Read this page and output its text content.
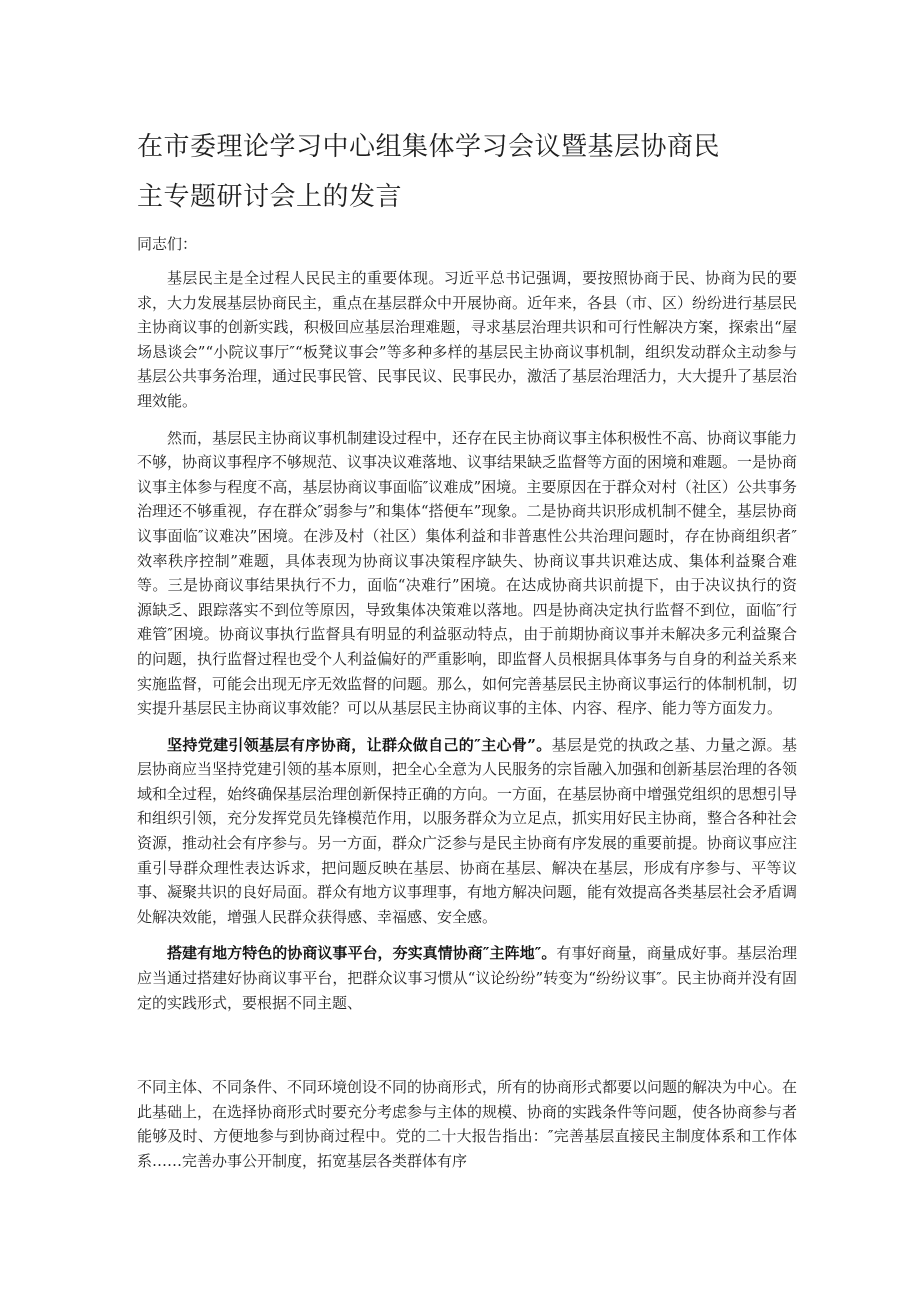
在市委理论学习中心组集体学习会议暨基层协商民
主专题研讨会上的发言

同志们：

基层民主是全过程人民民主的重要体现。习近平总书记强调，要按照协商于民、协商为民的要求，大力发展基层协商民主，重点在基层群众中开展协商。近年来，各县（市、区）纷纷进行基层民主协商议事的创新实践，积极回应基层治理难题，寻求基层治理共识和可行性解决方案，探索出“屋场恳谈会”“小院议事厅″“板凳议事会”等多种多样的基层民主协商议事机制，组织发动群众主动参与基层公共事务治理，通过民事民管、民事民议、民事民办，激活了基层治理活力，大大提升了基层治理效能。

然而，基层民主协商议事机制建设过程中，还存在民主协商议事主体积极性不高、协商议事能力不够，协商议事程序不够规范、议事决议难落地、议事结果缺乏监督等方面的困境和难题。一是协商议事主体参与程度不高，基层协商议事面临″议难成”困境。主要原因在于群众对村（社区）公共事务治理还不够重视，存在群众″弱参与”和集体“搭便车”现象。二是协商共识形成机制不健全，基层协商议事面临″议难决”困境。在涉及村（社区）集体利益和非普惠性公共治理问题时，存在协商组织者″效率秩序控制”难题，具体表现为协商议事决策程序缺失、协商议事共识难达成、集体利益聚合难等。三是协商议事结果执行不力，面临“决难行”困境。在达成协商共识前提下，由于决议执行的资源缺乏、跟踪落实不到位等原因，导致集体决策难以落地。四是协商决定执行监督不到位，面临″行难管″困境。协商议事执行监督具有明显的利益驱动特点，由于前期协商议事并未解决多元利益聚合的问题，执行监督过程也受个人利益偏好的严重影响，即监督人员根据具体事务与自身的利益关系来实施监督，可能会出现无序无效监督的问题。那么，如何完善基层民主协商议事运行的体制机制，切实提升基层民主协商议事效能？可以从基层民主协商议事的主体、内容、程序、能力等方面发力。

坚持党建引领基层有序协商，让群众做自己的″主心骨”。基层是党的执政之基、力量之源。基层协商应当坚持党建引领的基本原则，把全心全意为人民服务的宗旨融入加强和创新基层治理的各领域和全过程，始终确保基层治理创新保持正确的方向。一方面，在基层协商中增强党组织的思想引导和组织引领，充分发挥党员先锋模范作用，以服务群众为立足点，抓实用好民主协商，整合各种社会资源，推动社会有序参与。另一方面，群众广泛参与是民主协商有序发展的重要前提。协商议事应注重引导群众理性表达诉求，把问题反映在基层、协商在基层、解决在基层，形成有序参与、平等议事、凝聚共识的良好局面。群众有地方议事理事，有地方解决问题，能有效提高各类基层社会矛盾调处解决效能，增强人民群众获得感、幸福感、安全感。

搭建有地方特色的协商议事平台，夯实真情协商″主阵地″。有事好商量，商量成好事。基层治理应当通过搭建好协商议事平台，把群众议事习惯从“议论纷纷”转变为“纷纷议事″。民主协商并没有固定的实践形式，要根据不同主题、

不同主体、不同条件、不同环境创设不同的协商形式，所有的协商形式都要以问题的解决为中心。在此基础上，在选择协商形式时要充分考虑参与主体的规模、协商的实践条件等问题，使各协商参与者能够及时、方便地参与到协商过程中。党的二十大报告指出：″完善基层直接民主制度体系和工作体系……完善办事公开制度，拓宽基层各类群体有序
